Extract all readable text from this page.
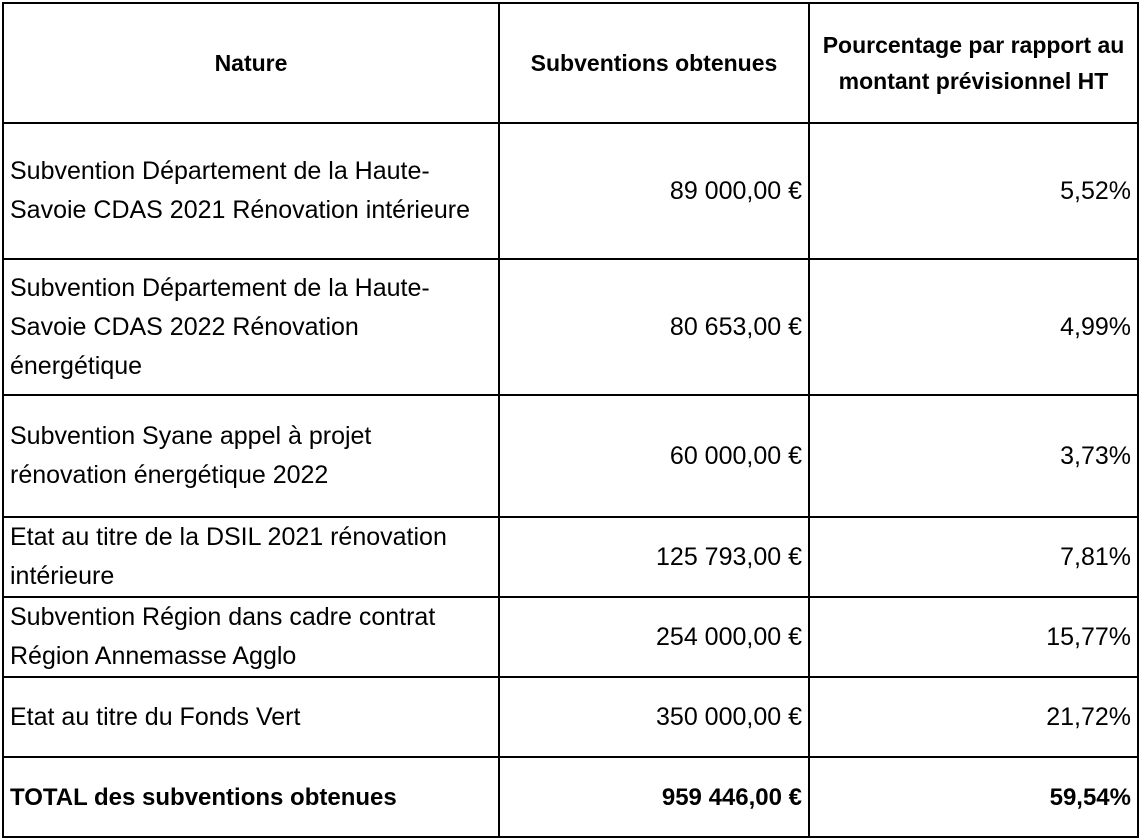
Nature	Subventions obtenues	Pourcentage par rapport au montant prévisionnel HT
Subvention Département de la Haute-Savoie CDAS 2021 Rénovation intérieure	89 000,00 €	5,52%
Subvention Département de la Haute-Savoie CDAS 2022 Rénovation énergétique	80 653,00 €	4,99%
Subvention Syane appel à projet rénovation énergétique 2022	60 000,00 €	3,73%
Etat au titre de la DSIL 2021 rénovation intérieure	125 793,00 €	7,81%
Subvention Région dans cadre contrat Région Annemasse Agglo	254 000,00 €	15,77%
Etat au titre du Fonds Vert	350 000,00 €	21,72%
TOTAL des subventions obtenues	959 446,00 €	59,54%
